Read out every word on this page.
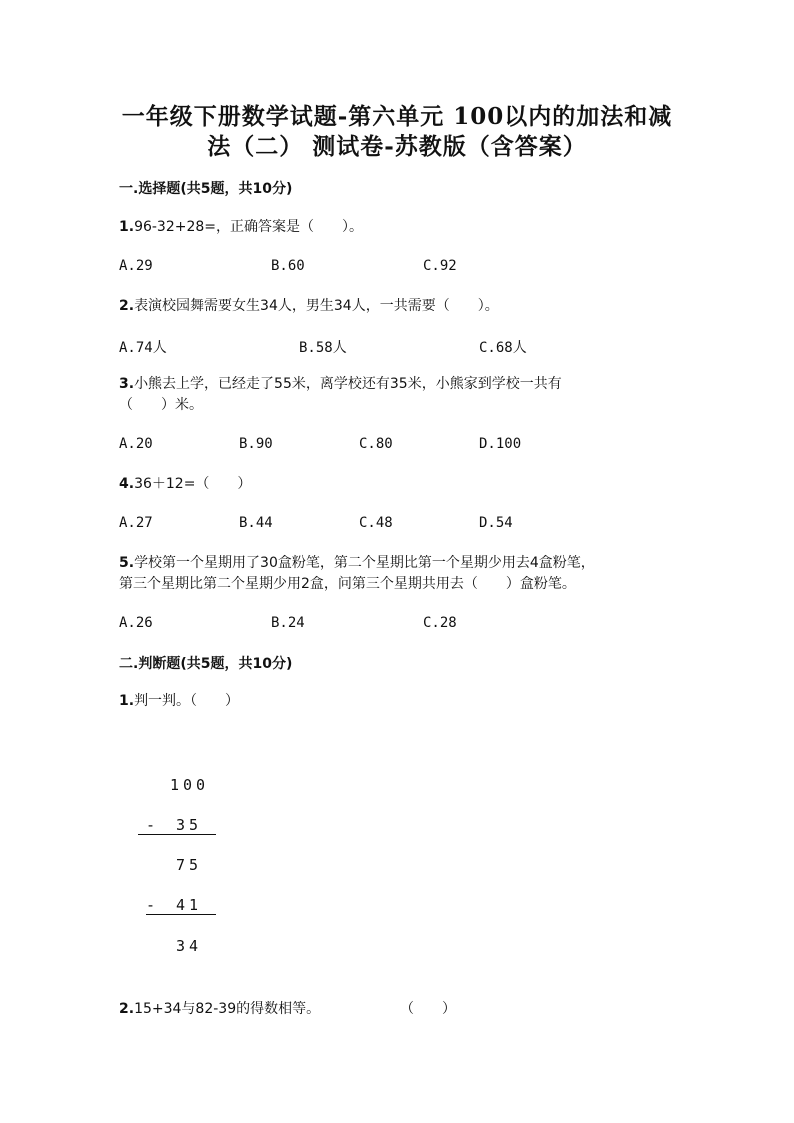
一年级下册数学试题-第六单元 100以内的加法和减
法（二） 测试卷-苏教版（含答案）

一.选择题(共5题，共10分)

1.96-32+28=，正确答案是（　　）。

A.29	B.60	C.92

2.表演校园舞需要女生34人，男生34人，一共需要（　　）。

A.74人	B.58人	C.68人

3.小熊去上学，已经走了55米，离学校还有35米，小熊家到学校一共有
（　　）米。

A.20	B.90	C.80	D.100

4.36＋12=（　　）

A.27	B.44	C.48	D.54

5.学校第一个星期用了30盒粉笔，第二个星期比第一个星期少用去4盒粉笔，
第三个星期比第二个星期少用2盒，问第三个星期共用去（　　）盒粉笔。

A.26	B.24	C.28

二.判断题(共5题，共10分)

1.判一判。（　　）

100
- 35
75
- 41
34

2.15+34与82-39的得数相等。	（　　）
